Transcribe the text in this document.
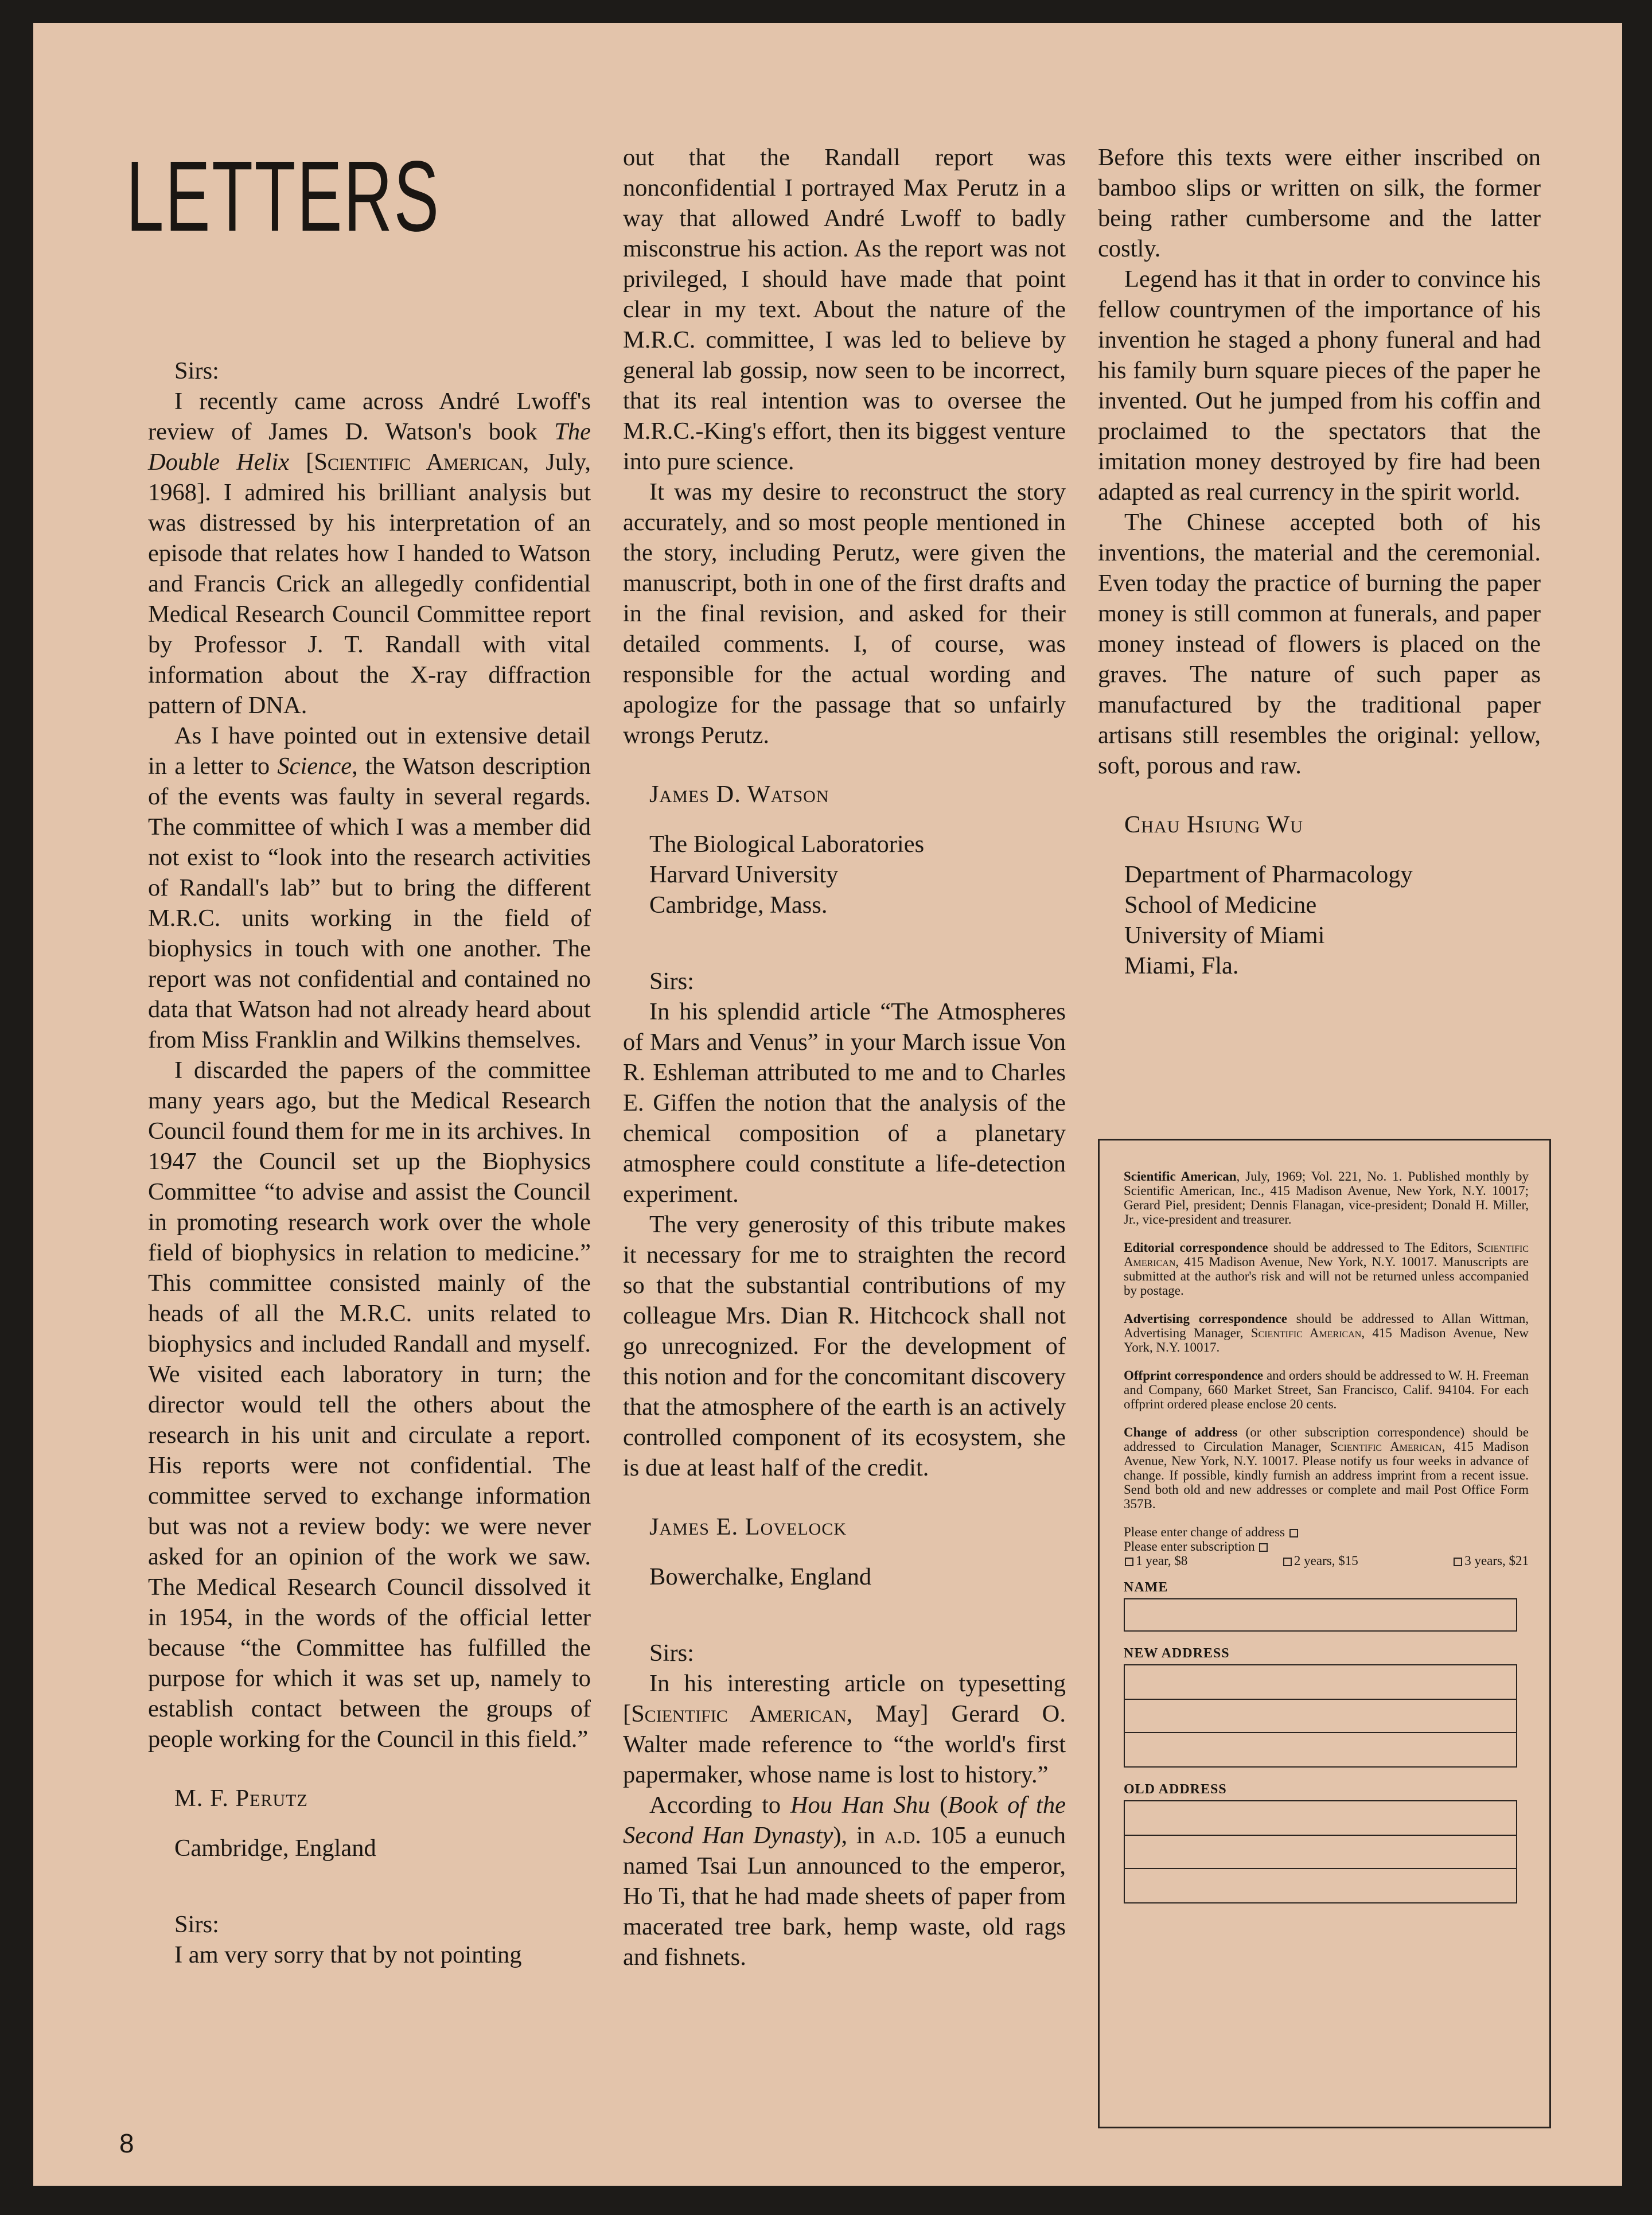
LETTERS

Sirs:

I recently came across André Lwoff's review of James D. Watson's book The Double Helix [Scientific American, July, 1968]. I admired his brilliant analysis but was distressed by his interpretation of an episode that relates how I handed to Watson and Francis Crick an allegedly confidential Medical Research Council Committee report by Professor J. T. Randall with vital information about the X-ray diffraction pattern of DNA.

As I have pointed out in extensive detail in a letter to Science, the Watson description of the events was faulty in several regards. The committee of which I was a member did not exist to “look into the research activities of Randall's lab” but to bring the different M.R.C. units working in the field of biophysics in touch with one another. The report was not confidential and contained no data that Watson had not already heard about from Miss Franklin and Wilkins themselves.

I discarded the papers of the committee many years ago, but the Medical Research Council found them for me in its archives. In 1947 the Council set up the Biophysics Committee “to advise and assist the Council in promoting research work over the whole field of biophysics in relation to medicine.” This committee consisted mainly of the heads of all the M.R.C. units related to biophysics and included Randall and myself. We visited each laboratory in turn; the director would tell the others about the research in his unit and circulate a report. His reports were not confidential. The committee served to exchange information but was not a review body: we were never asked for an opinion of the work we saw. The Medical Research Council dissolved it in 1954, in the words of the official letter because “the Committee has fulfilled the purpose for which it was set up, namely to establish contact between the groups of people working for the Council in this field.”

M. F. Perutz

Cambridge, England

Sirs:

I am very sorry that by not pointing

out that the Randall report was nonconfidential I portrayed Max Perutz in a way that allowed André Lwoff to badly misconstrue his action. As the report was not privileged, I should have made that point clear in my text. About the nature of the M.R.C. committee, I was led to believe by general lab gossip, now seen to be incorrect, that its real intention was to oversee the M.R.C.-King's effort, then its biggest venture into pure science.

It was my desire to reconstruct the story accurately, and so most people mentioned in the story, including Perutz, were given the manuscript, both in one of the first drafts and in the final revision, and asked for their detailed comments. I, of course, was responsible for the actual wording and apologize for the passage that so unfairly wrongs Perutz.

James D. Watson

The Biological Laboratories

Harvard University

Cambridge, Mass.

Sirs:

In his splendid article “The Atmospheres of Mars and Venus” in your March issue Von R. Eshleman attributed to me and to Charles E. Giffen the notion that the analysis of the chemical composition of a planetary atmosphere could constitute a life-detection experiment.

The very generosity of this tribute makes it necessary for me to straighten the record so that the substantial contributions of my colleague Mrs. Dian R. Hitchcock shall not go unrecognized. For the development of this notion and for the concomitant discovery that the atmosphere of the earth is an actively controlled component of its ecosystem, she is due at least half of the credit.

James E. Lovelock

Bowerchalke, England

Sirs:

In his interesting article on typesetting [Scientific American, May] Gerard O. Walter made reference to “the world's first papermaker, whose name is lost to history.”

According to Hou Han Shu (Book of the Second Han Dynasty), in a.d. 105 a eunuch named Tsai Lun announced to the emperor, Ho Ti, that he had made sheets of paper from macerated tree bark, hemp waste, old rags and fishnets.

Before this texts were either inscribed on bamboo slips or written on silk, the former being rather cumbersome and the latter costly.

Legend has it that in order to convince his fellow countrymen of the importance of his invention he staged a phony funeral and had his family burn square pieces of the paper he invented. Out he jumped from his coffin and proclaimed to the spectators that the imitation money destroyed by fire had been adapted as real currency in the spirit world.

The Chinese accepted both of his inventions, the material and the ceremonial. Even today the practice of burning the paper money is still common at funerals, and paper money instead of flowers is placed on the graves. The nature of such paper as manufactured by the traditional paper artisans still resembles the original: yellow, soft, porous and raw.

Chau Hsiung Wu

Department of Pharmacology

School of Medicine

University of Miami

Miami, Fla.

Scientific American, July, 1969; Vol. 221, No. 1. Published monthly by Scientific American, Inc., 415 Madison Avenue, New York, N.Y. 10017; Gerard Piel, president; Dennis Flanagan, vice-president; Donald H. Miller, Jr., vice-president and treasurer.

Editorial correspondence should be addressed to The Editors, Scientific American, 415 Madison Avenue, New York, N.Y. 10017. Manuscripts are submitted at the author's risk and will not be returned unless accompanied by postage.

Advertising correspondence should be addressed to Allan Wittman, Advertising Manager, Scientific American, 415 Madison Avenue, New York, N.Y. 10017.

Offprint correspondence and orders should be addressed to W. H. Freeman and Company, 660 Market Street, San Francisco, Calif. 94104. For each offprint ordered please enclose 20 cents.

Change of address (or other subscription correspondence) should be addressed to Circulation Manager, Scientific American, 415 Madison Avenue, New York, N.Y. 10017. Please notify us four weeks in advance of change. If possible, kindly furnish an address imprint from a recent issue. Send both old and new addresses or complete and mail Post Office Form 357B.

Please enter change of address
Please enter subscription
1 year, $8	2 years, $15	3 years, $21
NAME
NEW ADDRESS
OLD ADDRESS
8
